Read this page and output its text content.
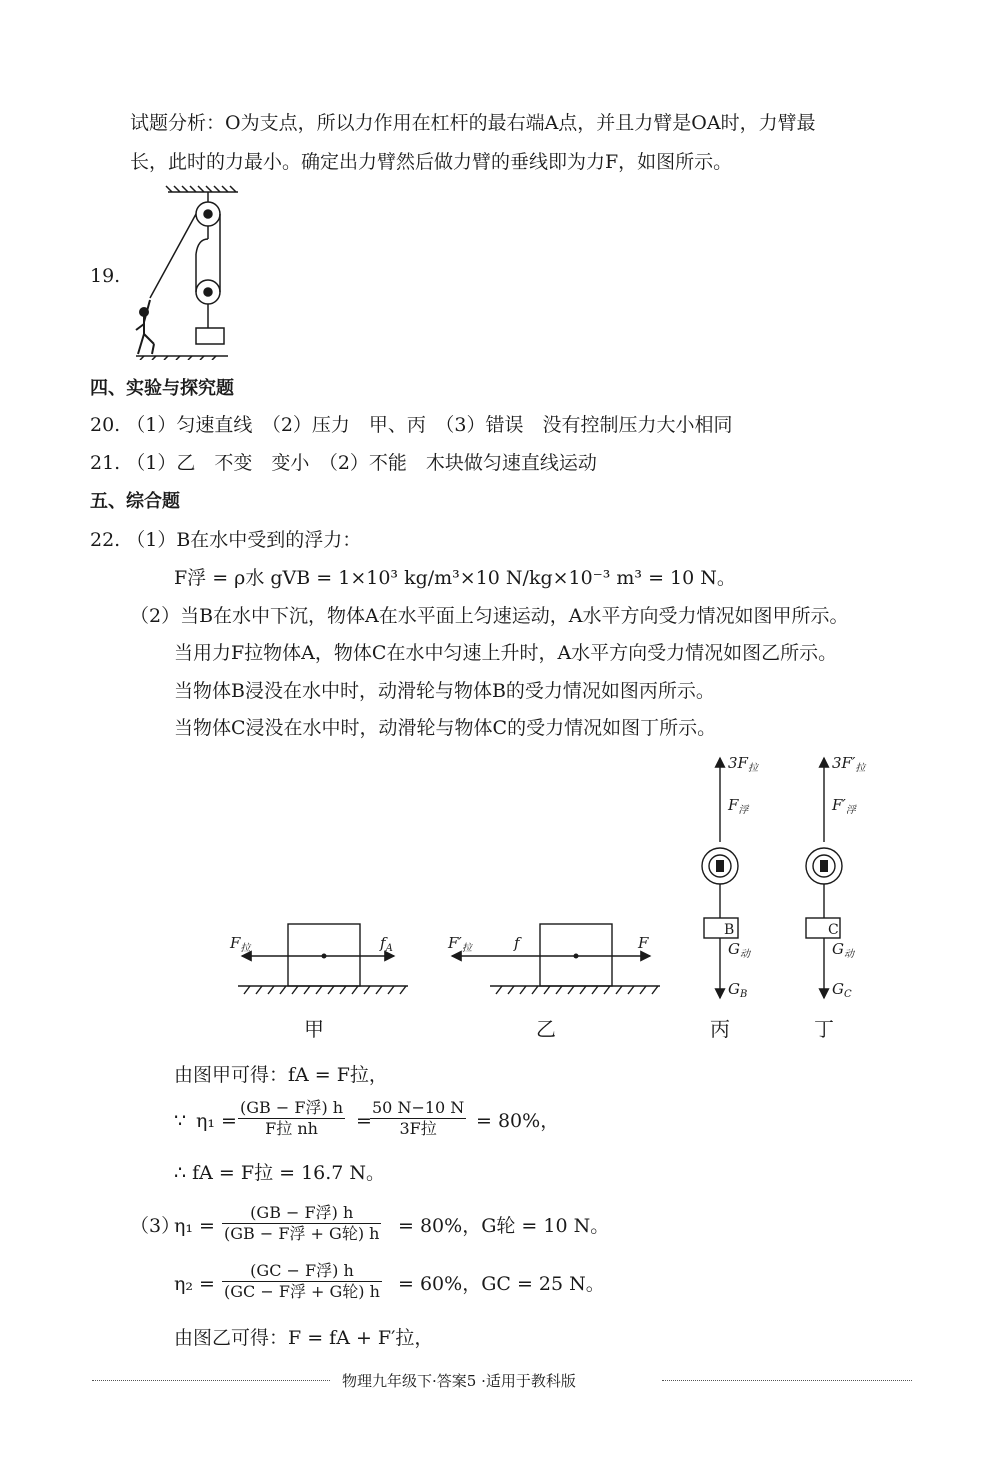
试题分析：O为支点，所以力作用在杠杆的最右端A点，并且力臂是OA时，力臂最
长，此时的力最小。确定出力臂然后做力臂的垂线即为力F，如图所示。
19.
四、实验与探究题
20. （1）匀速直线　（2）压力　甲、丙　（3）错误　没有控制压力大小相同
21. （1）乙　不变　变小　（2）不能　木块做匀速直线运动
五、综合题
22. （1）B在水中受到的浮力：
F浮 = ρ水 gVB = 1×10³ kg/m³×10 N/kg×10⁻³ m³ = 10 N。
（2）当B在水中下沉，物体A在水平面上匀速运动，A水平方向受力情况如图甲所示。
当用力F拉物体A，物体C在水中匀速上升时，A水平方向受力情况如图乙所示。
当物体B浸没在水中时，动滑轮与物体B的受力情况如图丙所示。
当物体C浸没在水中时，动滑轮与物体C的受力情况如图丁所示。
$F_拉$	$f_A$	$F'_拉$	f	F
$3F_拉$
$F_浮$
$G_动$
$G_B$
$3F'_拉$
$F'_浮$
$G_动$
$G_C$
B	C
甲	乙	丙	丁
由图甲可得：fA = F拉，
∵ η₁ =
(GB − F浮) h
F拉 nh	=
50 N−10 N
3F拉	= 80%，
∴ fA = F拉 = 16.7 N。
（3）
η₁ =
(GB − F浮) h
(GB − F浮 + G轮) h = 80%，G轮 = 10 N。
η₂ =
(GC − F浮) h
(GC − F浮 + G轮) h = 60%，GC = 25 N。
由图乙可得：F = fA + F′拉，
物理九年级下·答案5 ·适用于教科版
